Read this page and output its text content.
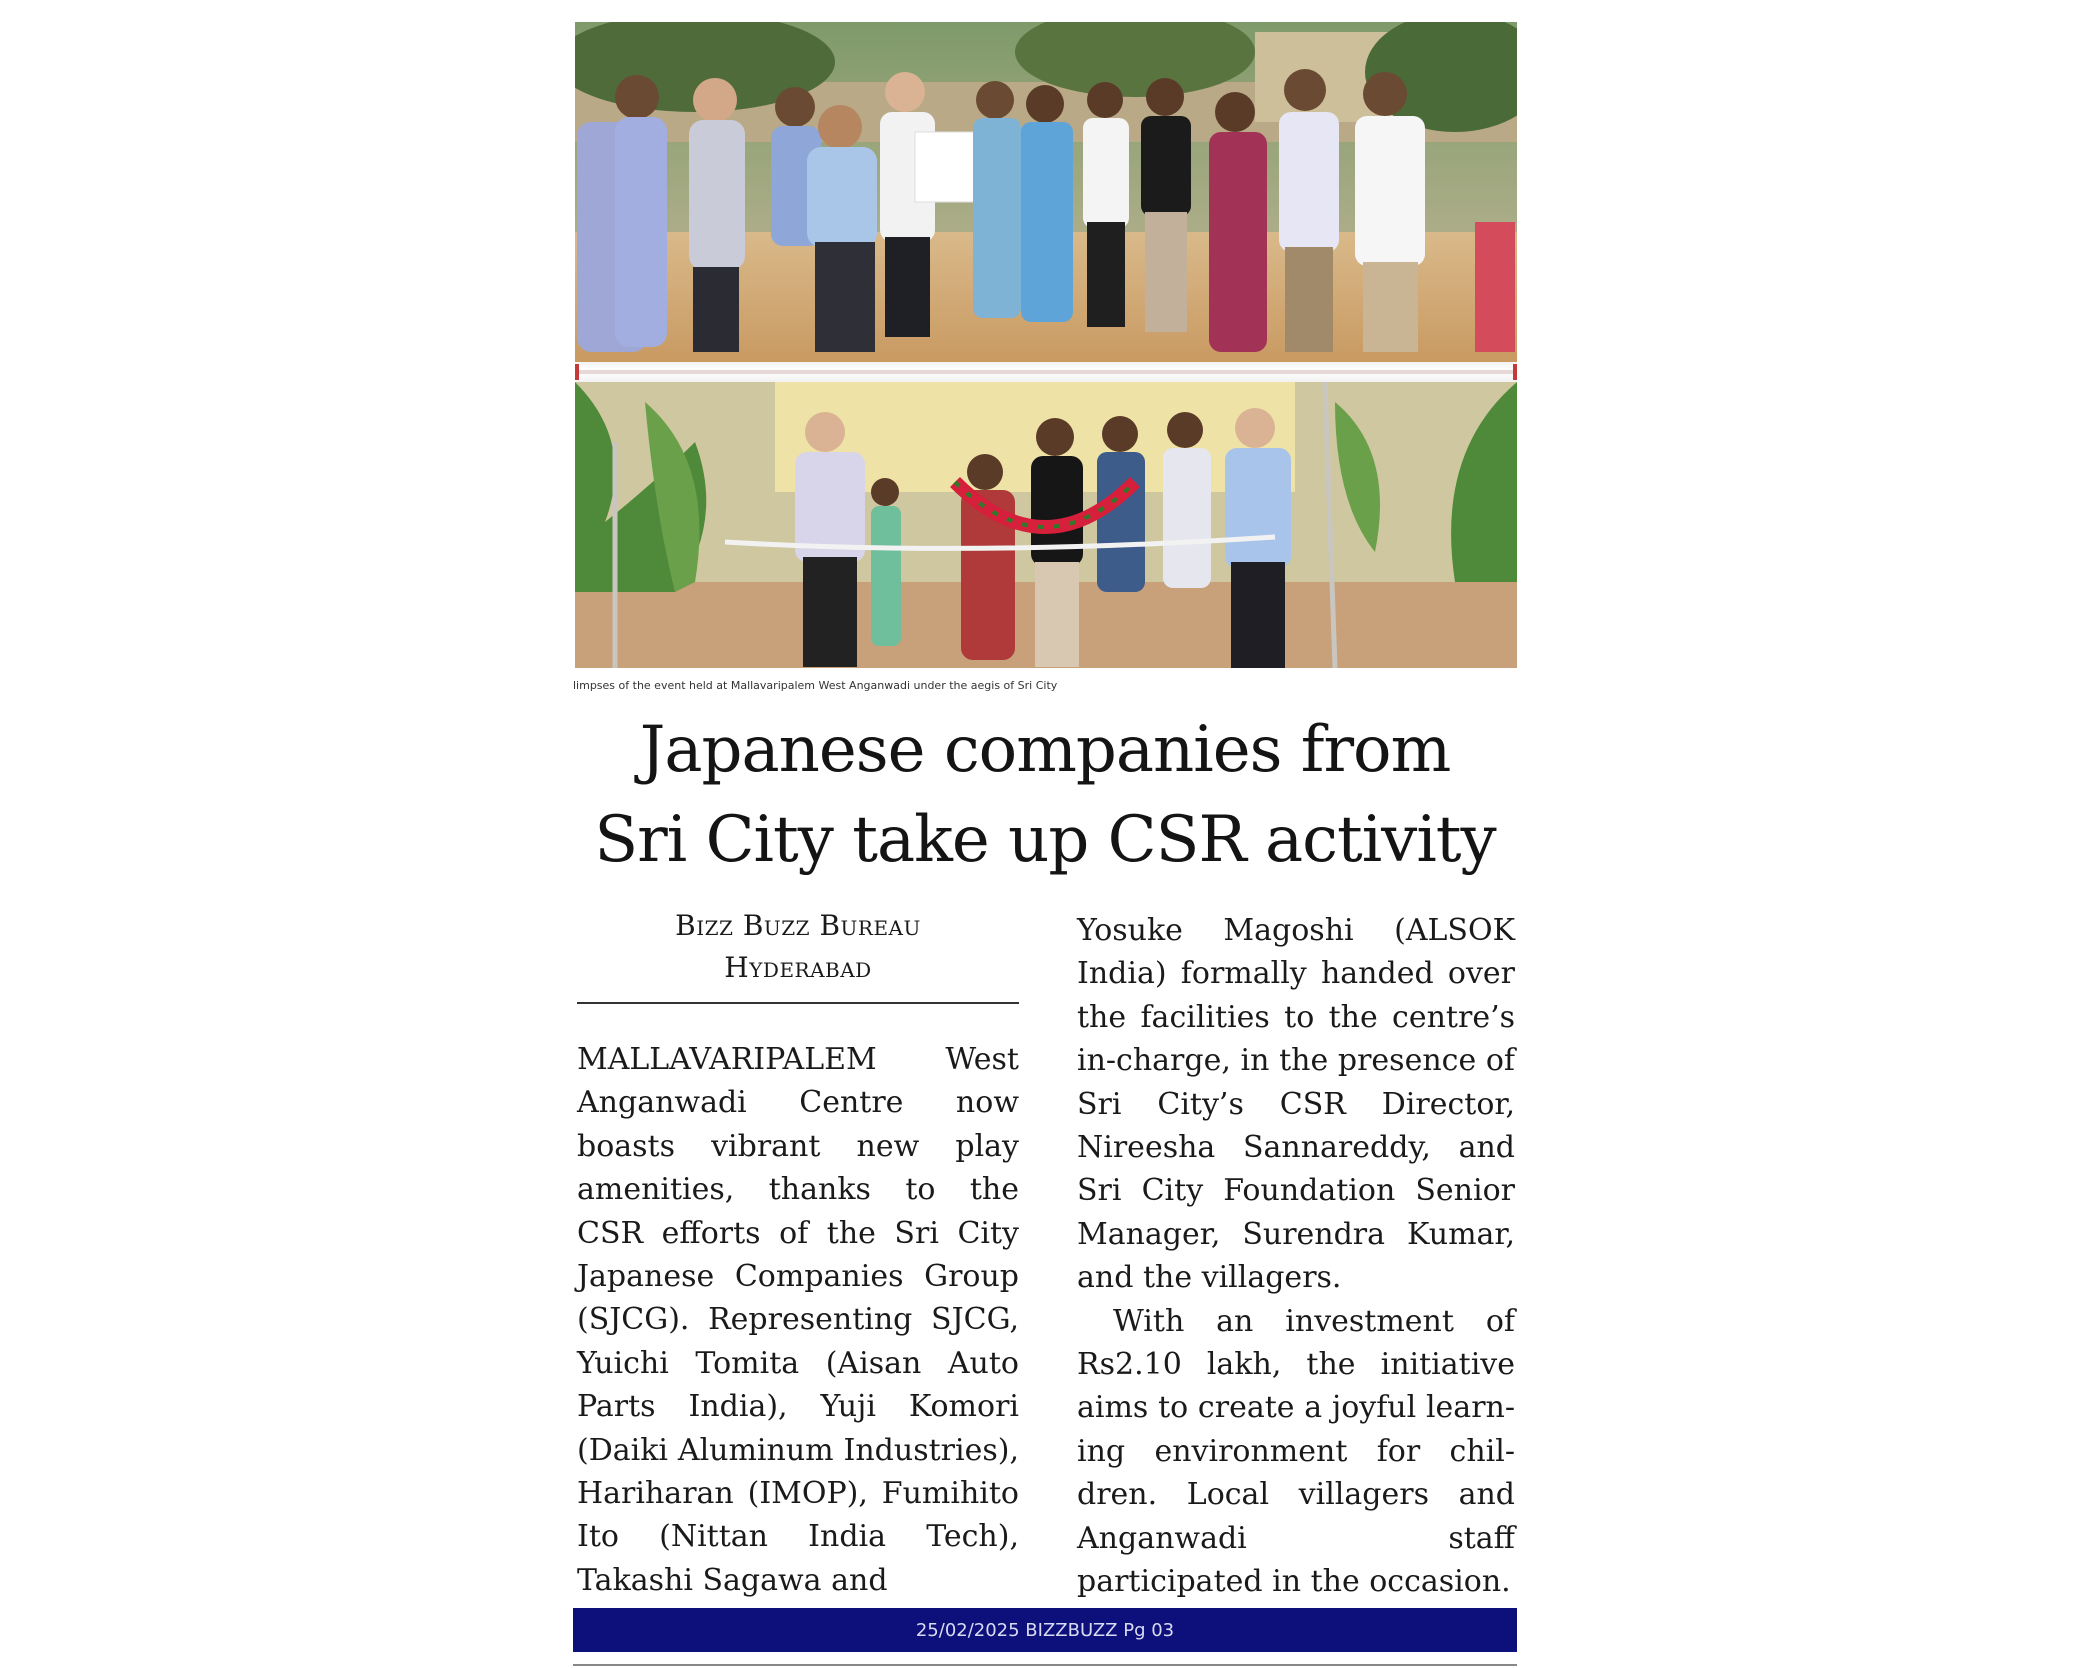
limpses of the event held at Mallavaripalem West Anganwadi under the aegis of Sri City
Japanese companies from
Sri City take up CSR activity
Bizz Buzz Bureau
Hyderabad

MALLAVARIPALEM West Anganwadi Centre now boasts vibrant new play amenities, thanks to the CSR efforts of the Sri City Japanese Companies Group (SJCG). Representing SJCG, Yuichi Tomita (Aisan Auto Parts India), Yuji Komori (Daiki Aluminum Industries), Hariharan (IMOP), Fumihito Ito (Nittan India Tech), Takashi Sagawa and

Yosuke Magoshi (ALSOK India) formally handed over the facilities to the centre’s in-charge, in the presence of Sri City’s CSR Director, Nireesha Sannareddy, and Sri City Foundation Senior Manager, Surendra Kumar, and the villagers.

With an investment of Rs2.10 lakh, the initiative aims to create a joyful learning environment for children. Local villagers and Anganwadi staff participated in the occasion.

25/02/2025 BIZZBUZZ Pg 03
